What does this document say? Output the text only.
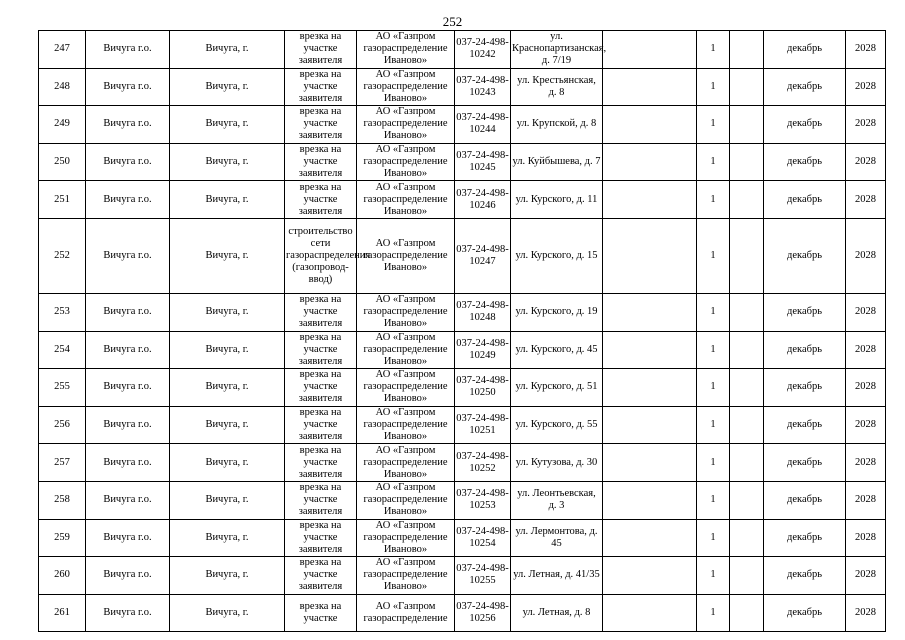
252
247	Вичуга г.о.	Вичуга, г.	врезка на участке заявителя	АО «Газпром газораспределение Иваново»	037-24-498-10242	ул. Краснопартизанская, д. 7/19		1		декабрь	2028
248	Вичуга г.о.	Вичуга, г.	врезка на участке заявителя	АО «Газпром газораспределение Иваново»	037-24-498-10243	ул. Крестьянская, д. 8		1		декабрь	2028
249	Вичуга г.о.	Вичуга, г.	врезка на участке заявителя	АО «Газпром газораспределение Иваново»	037-24-498-10244	ул. Крупской, д. 8		1		декабрь	2028
250	Вичуга г.о.	Вичуга, г.	врезка на участке заявителя	АО «Газпром газораспределение Иваново»	037-24-498-10245	ул. Куйбышева, д. 7		1		декабрь	2028
251	Вичуга г.о.	Вичуга, г.	врезка на участке заявителя	АО «Газпром газораспределение Иваново»	037-24-498-10246	ул. Курского, д. 11		1		декабрь	2028
252	Вичуга г.о.	Вичуга, г.	строительство сети газораспределения (газопровод-ввод)	АО «Газпром газораспределение Иваново»	037-24-498-10247	ул. Курского, д. 15		1		декабрь	2028
253	Вичуга г.о.	Вичуга, г.	врезка на участке заявителя	АО «Газпром газораспределение Иваново»	037-24-498-10248	ул. Курского, д. 19		1		декабрь	2028
254	Вичуга г.о.	Вичуга, г.	врезка на участке заявителя	АО «Газпром газораспределение Иваново»	037-24-498-10249	ул. Курского, д. 45		1		декабрь	2028
255	Вичуга г.о.	Вичуга, г.	врезка на участке заявителя	АО «Газпром газораспределение Иваново»	037-24-498-10250	ул. Курского, д. 51		1		декабрь	2028
256	Вичуга г.о.	Вичуга, г.	врезка на участке заявителя	АО «Газпром газораспределение Иваново»	037-24-498-10251	ул. Курского, д. 55		1		декабрь	2028
257	Вичуга г.о.	Вичуга, г.	врезка на участке заявителя	АО «Газпром газораспределение Иваново»	037-24-498-10252	ул. Кутузова, д. 30		1		декабрь	2028
258	Вичуга г.о.	Вичуга, г.	врезка на участке заявителя	АО «Газпром газораспределение Иваново»	037-24-498-10253	ул. Леонтьевская, д. 3		1		декабрь	2028
259	Вичуга г.о.	Вичуга, г.	врезка на участке заявителя	АО «Газпром газораспределение Иваново»	037-24-498-10254	ул. Лермонтова, д. 45		1		декабрь	2028
260	Вичуга г.о.	Вичуга, г.	врезка на участке заявителя	АО «Газпром газораспределение Иваново»	037-24-498-10255	ул. Летная, д. 41/35		1		декабрь	2028
261	Вичуга г.о.	Вичуга, г.	врезка на участке	АО «Газпром газораспределение	037-24-498-10256	ул. Летная, д. 8		1		декабрь	2028
